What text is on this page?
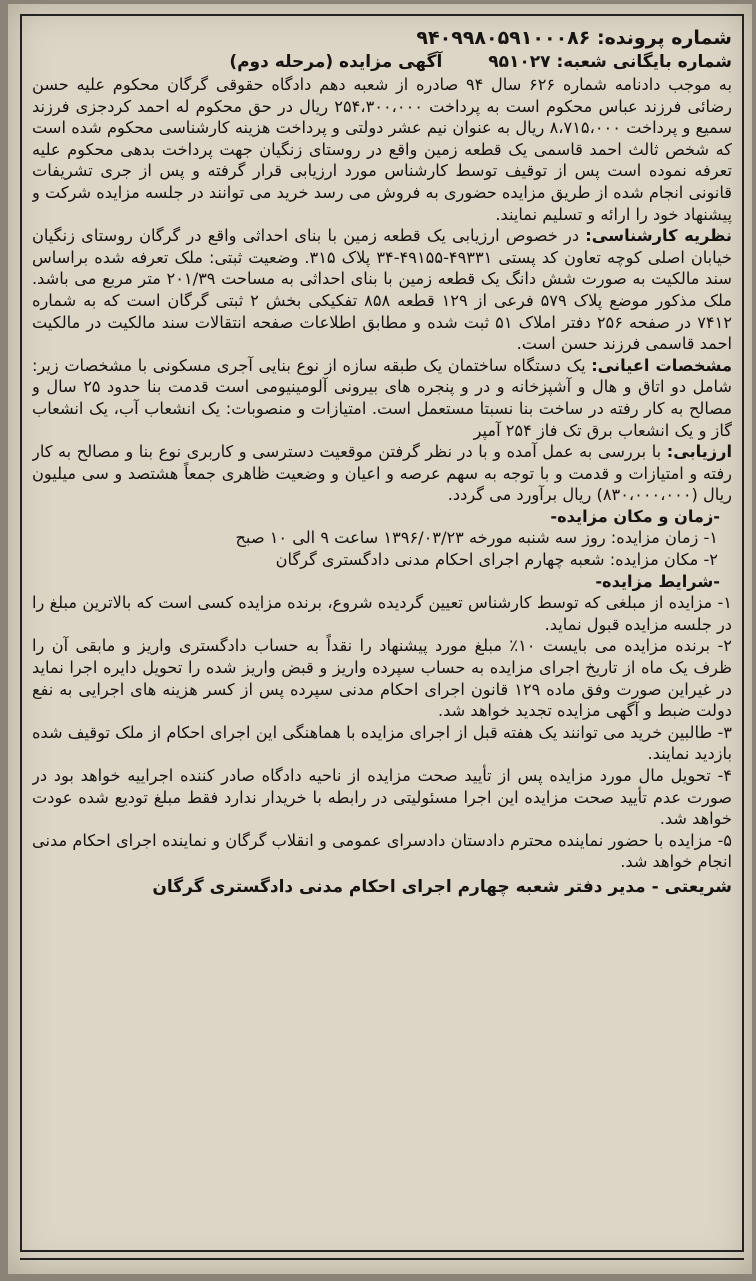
شماره پرونده: ۹۴۰۹۹۸۰۵۹۱۰۰۰۸۶
شماره بایگانی شعبه: ۹۵۱۰۲۷
آگهی مزایده (مرحله دوم)

به موجب دادنامه شماره ۶۲۶ سال ۹۴ صادره از شعبه دهم دادگاه حقوقی گرگان محکوم علیه حسن رضائی فرزند عباس محکوم است به پرداخت ۲۵۴،۳۰۰،۰۰۰ ریال در حق محکوم له احمد کردجزی فرزند سمیع و پرداخت ۸،۷۱۵،۰۰۰ ریال به عنوان نیم عشر دولتی و پرداخت هزینه کارشناسی محکوم شده است که شخص ثالث احمد قاسمی یک قطعه زمین واقع در روستای زنگیان جهت پرداخت بدهی محکوم علیه تعرفه نموده است پس از توقیف توسط کارشناس مورد ارزیابی قرار گرفته و پس از جری تشریفات قانونی انجام شده از طریق مزایده حضوری به فروش می رسد خرید می توانند در جلسه مزایده شرکت و پیشنهاد خود را ارائه و تسلیم نمایند.

نظریه کارشناسی: در خصوص ارزیابی یک قطعه زمین با بنای احداثی واقع در گرگان روستای زنگیان خیابان اصلی کوچه تعاون کد پستی ۴۹۳۳۱-۴۹۱۵۵-۳۴ پلاک ۳۱۵. وضعیت ثبتی: ملک تعرفه شده براساس سند مالکیت به صورت شش دانگ یک قطعه زمین با بنای احداثی به مساحت ۲۰۱/۳۹ متر مربع می باشد. ملک مذکور موضع پلاک ۵۷۹ فرعی از ۱۲۹ قطعه ۸۵۸ تفکیکی بخش ۲ ثبتی گرگان است که به شماره ۷۴۱۲ در صفحه ۲۵۶ دفتر املاک ۵۱ ثبت شده و مطابق اطلاعات صفحه انتقالات سند مالکیت در مالکیت احمد قاسمی فرزند حسن است.

مشخصات اعیانی: یک دستگاه ساختمان یک طبقه سازه از نوع بنایی آجری مسکونی با مشخصات زیر: شامل دو اتاق و هال و آشپزخانه و در و پنجره های بیرونی آلومینیومی است قدمت بنا حدود ۲۵ سال و مصالح به کار رفته در ساخت بنا نسبتا مستعمل است. امتیازات و منصوبات: یک انشعاب آب، یک انشعاب گاز و یک انشعاب برق تک فاز ۲۵۴ آمپر

ارزیابی: با بررسی به عمل آمده و با در نظر گرفتن موقعیت دسترسی و کاربری نوع بنا و مصالح به کار رفته و امتیازات و قدمت و با توجه به سهم عرصه و اعیان و وضعیت ظاهری جمعاً هشتصد و سی میلیون ریال (۸۳۰،۰۰۰،۰۰۰) ریال برآورد می گردد.

-زمان و مکان مزایده-

۱- زمان مزایده: روز سه شنبه مورخه ۱۳۹۶/۰۳/۲۳ ساعت ۹ الی ۱۰ صبح

۲- مکان مزایده: شعبه چهارم اجرای احکام مدنی دادگستری گرگان

-شرایط مزایده-

۱- مزایده از مبلغی که توسط کارشناس تعیین گردیده شروع، برنده مزایده کسی است که بالاترین مبلغ را در جلسه مزایده قبول نماید.

۲- برنده مزایده می بایست ۱۰٪ مبلغ مورد پیشنهاد را نقداً به حساب دادگستری واریز و مابقی آن را ظرف یک ماه از تاریخ اجرای مزایده به حساب سپرده واریز و قبض واریز شده را تحویل دایره اجرا نماید در غیراین صورت وفق ماده ۱۲۹ قانون اجرای احکام مدنی سپرده پس از کسر هزینه های اجرایی به نفع دولت ضبط و آگهی مزایده تجدید خواهد شد.

۳- طالبین خرید می توانند یک هفته قبل از اجرای مزایده با هماهنگی این اجرای احکام از ملک توقیف شده بازدید نمایند.

۴- تحویل مال مورد مزایده پس از تأیید صحت مزایده از ناحیه دادگاه صادر کننده اجراییه خواهد بود در صورت عدم تأیید صحت مزایده این اجرا مسئولیتی در رابطه با خریدار ندارد فقط مبلغ تودیع شده عودت خواهد شد.

۵- مزایده با حضور نماینده محترم دادستان دادسرای عمومی و انقلاب گرگان و نماینده اجرای احکام مدنی انجام خواهد شد.

شریعتی - مدیر دفتر شعبه چهارم اجرای احکام مدنی دادگستری گرگان
